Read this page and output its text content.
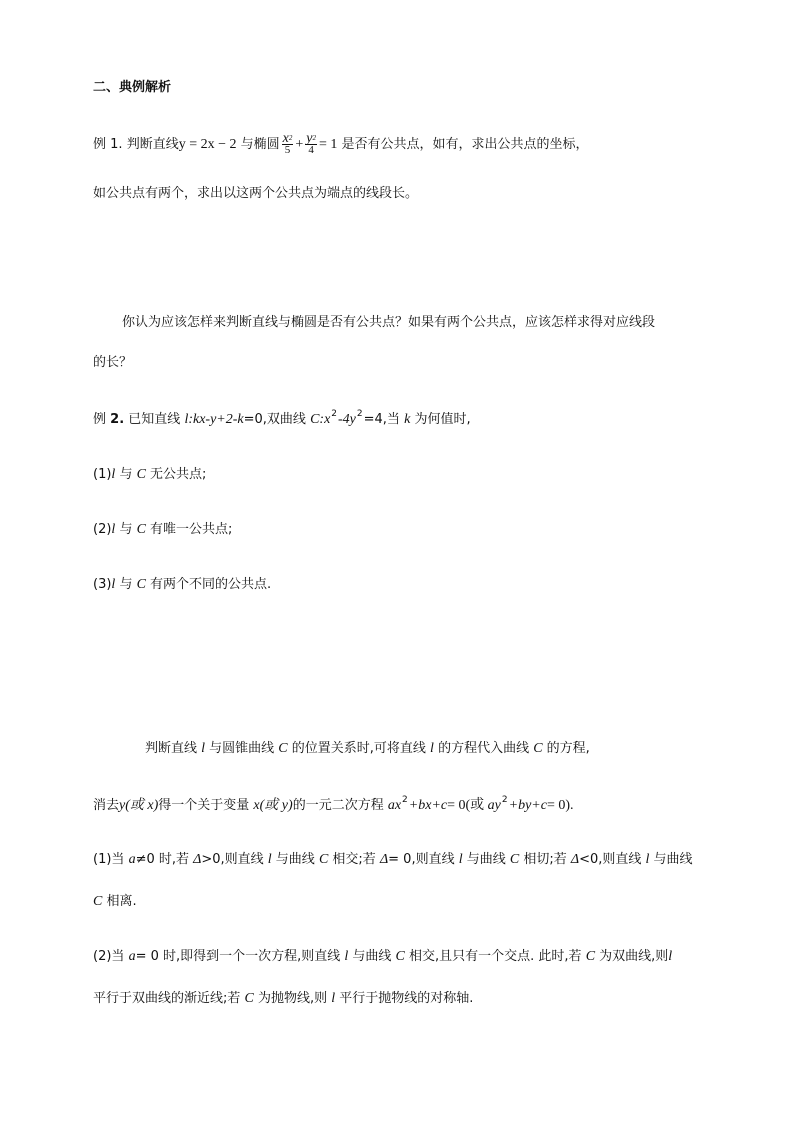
二、典例解析
例 1. 判断直线y = 2x − 2 与椭圆 $\frac{x^2}{5} + \frac{y^2}{4} = 1$ 是否有公共点，如有，求出公共点的坐标，
如公共点有两个，求出以这两个公共点为端点的线段长。
你认为应该怎样来判断直线与椭圆是否有公共点？如果有两个公共点，应该怎样求得对应线段
的长？
例 2. 已知直线 l:kx-y+2-k=0,双曲线 $C:x^2-4y^2=4$,当 k 为何值时,
(1)l 与 C 无公共点;
(2)l 与 C 有唯一公共点;
(3)l 与 C 有两个不同的公共点.
判断直线 l 与圆锥曲线 C 的位置关系时,可将直线 l 的方程代入曲线 C 的方程,
消去y(或 x)得一个关于变量 x(或 y)的一元二次方程 $ax^2+bx+c= 0$(或 $ay^2+by+c= 0$).
(1)当 a≠0 时,若 Δ>0,则直线 l 与曲线 C 相交;若 Δ= 0,则直线 l 与曲线 C 相切;若 Δ<0,则直线 l 与曲线
C 相离.
(2)当 a= 0 时,即得到一个一次方程,则直线 l 与曲线 C 相交,且只有一个交点. 此时,若 C 为双曲线,则l
平行于双曲线的渐近线;若 C 为抛物线,则 l 平行于抛物线的对称轴.
